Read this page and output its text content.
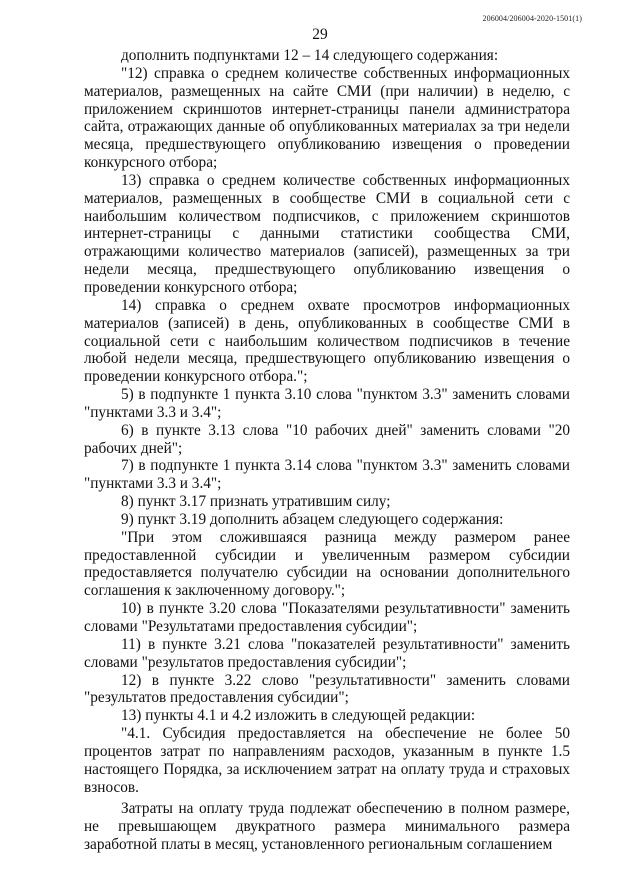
206004/206004-2020-1501(1)
29

дополнить подпунктами 12 – 14 следующего содержания:

"12) справка о среднем количестве собственных информационных материалов, размещенных на сайте СМИ (при наличии) в неделю, с приложением скриншотов интернет-страницы панели администратора сайта, отражающих данные об опубликованных материалах за три недели месяца, предшествующего опубликованию извещения о проведении конкурсного отбора;

13) справка о среднем количестве собственных информационных материалов, размещенных в сообществе СМИ в социальной сети с наибольшим количеством подписчиков, с приложением скриншотов интернет-страницы с данными статистики сообщества СМИ, отражающими количество материалов (записей), размещенных за три недели месяца, предшествующего опубликованию извещения о проведении конкурсного отбора;

14) справка о среднем охвате просмотров информационных материалов (записей) в день, опубликованных в сообществе СМИ в социальной сети с наибольшим количеством подписчиков в течение любой недели месяца, предшествующего опубликованию извещения о проведении конкурсного отбора.";

5) в подпункте 1 пункта 3.10 слова "пунктом 3.3" заменить словами "пунктами 3.3 и 3.4";

6) в пункте 3.13 слова "10 рабочих дней" заменить словами "20 рабочих дней";

7) в подпункте 1 пункта 3.14 слова "пунктом 3.3" заменить словами "пунктами 3.3 и 3.4";

8) пункт 3.17 признать утратившим силу;

9) пункт 3.19 дополнить абзацем следующего содержания:

"При этом сложившаяся разница между размером ранее предоставленной субсидии и увеличенным размером субсидии предоставляется получателю субсидии на основании дополнительного соглашения к заключенному договору.";

10) в пункте 3.20 слова "Показателями результативности" заменить словами "Результатами предоставления субсидии";

11) в пункте 3.21 слова "показателей результативности" заменить словами "результатов предоставления субсидии";

12) в пункте 3.22 слово "результативности" заменить словами "результатов предоставления субсидии";

13) пункты 4.1 и 4.2 изложить в следующей редакции:

"4.1. Субсидия предоставляется на обеспечение не более 50 процентов затрат по направлениям расходов, указанным в пункте 1.5 настоящего Порядка, за исключением затрат на оплату труда и страховых взносов.

Затраты на оплату труда подлежат обеспечению в полном размере, не превышающем двукратного размера минимального размера заработной платы в месяц, установленного региональным соглашением
